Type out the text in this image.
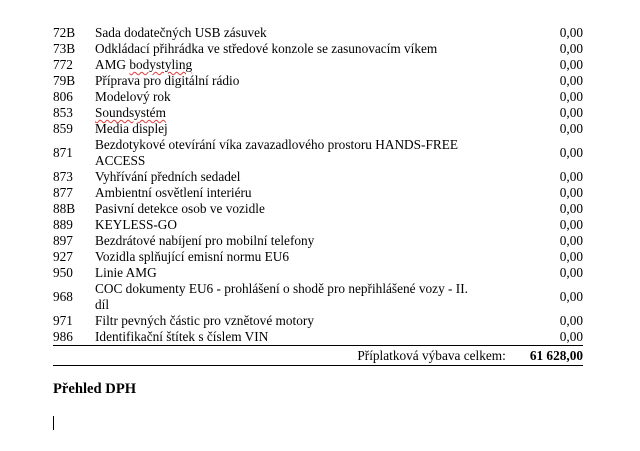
72B	Sada dodatečných USB zásuvek	0,00
73B	Odkládací přihrádka ve středové konzole se zasunovacím víkem	0,00
772	AMG bodystyling	0,00
79B	Příprava pro digitální rádio	0,00
806	Modelový rok	0,00
853	Soundsystém	0,00
859	Media displej	0,00
871	Bezdotykové otevírání víka zavazadlového prostoru HANDS-FREE
ACCESS	0,00
873	Vyhřívání předních sedadel	0,00
877	Ambientní osvětlení interiéru	0,00
88B	Pasivní detekce osob ve vozidle	0,00
889	KEYLESS-GO	0,00
897	Bezdrátové nabíjení pro mobilní telefony	0,00
927	Vozidla splňující emisní normu EU6	0,00
950	Linie AMG	0,00
968	COC dokumenty EU6 - prohlášení o shodě pro nepřihlášené vozy - II.
díl	0,00
971	Filtr pevných částic pro vznětové motory	0,00
986	Identifikační štítek s číslem VIN	0,00
Příplatková výbava celkem: 61 628,00
Přehled DPH
